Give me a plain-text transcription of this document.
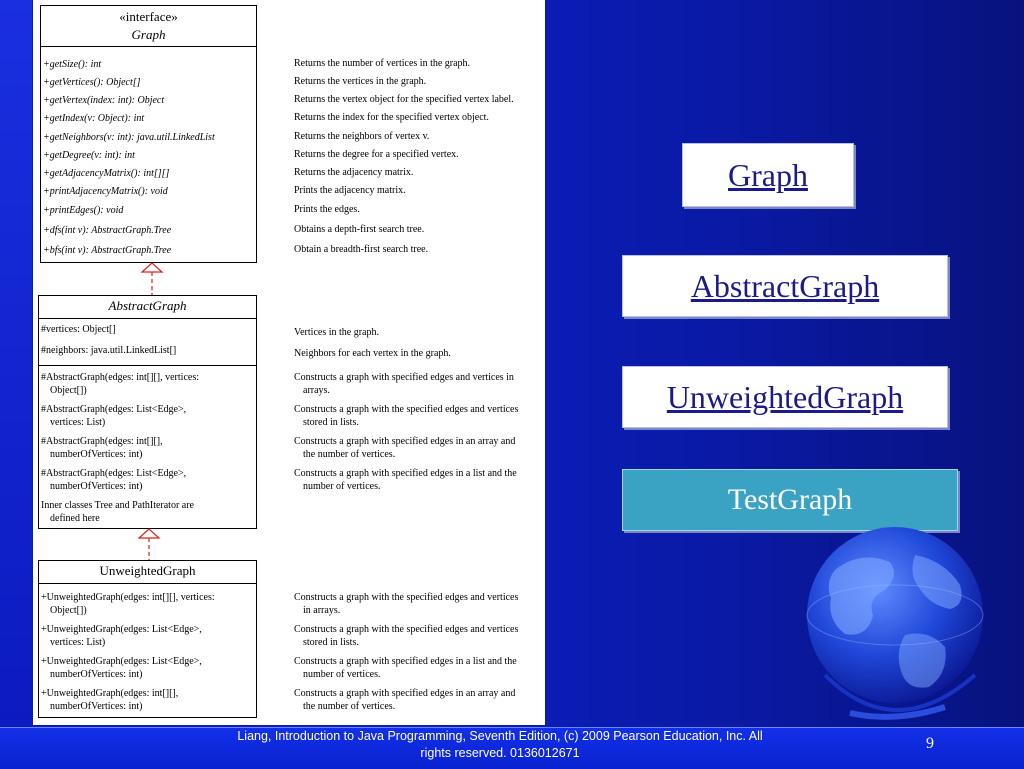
«interface»
Graph
+getSize(): int
+getVertices(): Object[]
+getVertex(index: int): Object
+getIndex(v: Object): int
+getNeighbors(v: int): java.util.LinkedList
+getDegree(v: int): int
+getAdjacencyMatrix(): int[][]
+printAdjacencyMatrix(): void
+printEdges(): void
+dfs(int v): AbstractGraph.Tree
+bfs(int v): AbstractGraph.Tree
Returns the number of vertices in the graph.
Returns the vertices in the graph.
Returns the vertex object for the specified vertex label.
Returns the index for the specified vertex object.
Returns the neighbors of vertex v.
Returns the degree for a specified vertex.
Returns the adjacency matrix.
Prints the adjacency matrix.
Prints the edges.
Obtains a depth-first search tree.
Obtain a breadth-first search tree.
AbstractGraph
#vertices: Object[]
#neighbors: java.util.LinkedList[]
#AbstractGraph(edges: int[][], vertices:
Object[])
#AbstractGraph(edges: List<Edge>,
vertices: List)
#AbstractGraph(edges: int[][],
numberOfVertices: int)
#AbstractGraph(edges: List<Edge>,
numberOfVertices: int)
Inner classes Tree and PathIterator are
defined here
Vertices in the graph.
Neighbors for each vertex in the graph.
Constructs a graph with specified edges and vertices in
arrays.
Constructs a graph with the specified edges and vertices
stored in lists.
Constructs a graph with specified edges in an array and
the number of vertices.
Constructs a graph with specified edges in a list and the
number of vertices.
UnweightedGraph
+UnweightedGraph(edges: int[][], vertices:
Object[])
+UnweightedGraph(edges: List<Edge>,
vertices: List)
+UnweightedGraph(edges: List<Edge>,
numberOfVertices: int)
+UnweightedGraph(edges: int[][],
numberOfVertices: int)
Constructs a graph with the specified edges and vertices
in arrays.
Constructs a graph with the specified edges and vertices
stored in lists.
Constructs a graph with specified edges in a list and the
number of vertices.
Constructs a graph with specified edges in an array and
the number of vertices.
Graph
AbstractGraph
UnweightedGraph
TestGraph
Liang, Introduction to Java Programming, Seventh Edition, (c) 2009 Pearson Education, Inc. All
rights reserved. 0136012671
9
